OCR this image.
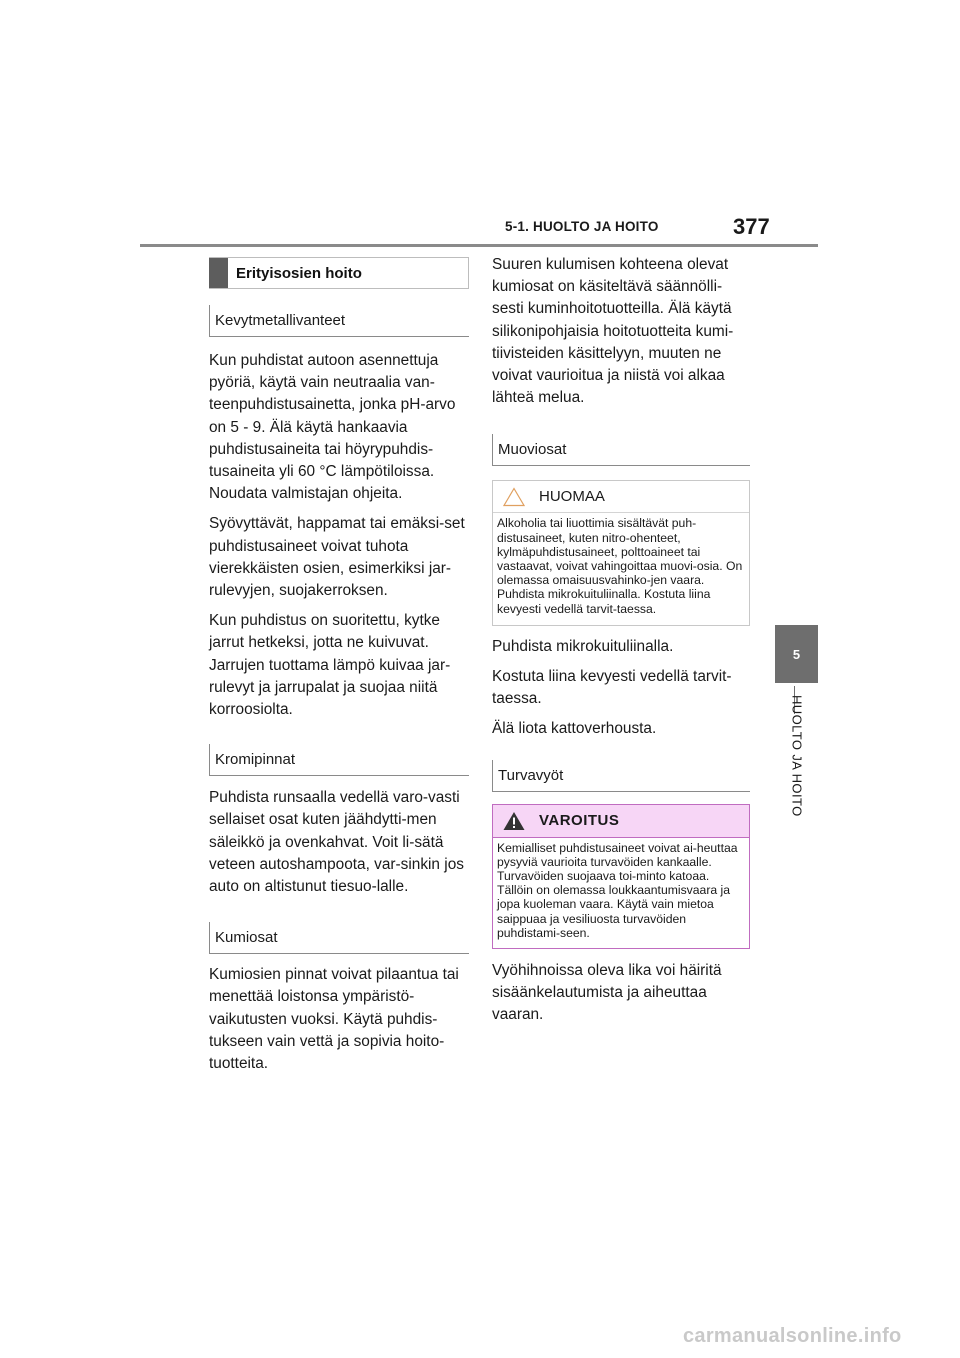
5-1. HUOLTO JA HOITO	377
5
HUOLTO JA HOITO
Erityisosien hoito
Kevytmetallivanteet

Kun puhdistat autoon asennettuja pyöriä, käytä vain neutraalia van-teenpuhdistusainetta, jonka pH-arvo on 5 - 9. Älä käytä hankaavia puhdistusaineita tai höyrypuhdis-tusaineita yli 60 °C lämpötiloissa. Noudata valmistajan ohjeita.

Syövyttävät, happamat tai emäksi-set puhdistusaineet voivat tuhota vierekkäisten osien, esimerkiksi jar-rulevyjen, suojakerroksen.

Kun puhdistus on suoritettu, kytke jarrut hetkeksi, jotta ne kuivuvat. Jarrujen tuottama lämpö kuivaa jar-rulevyt ja jarrupalat ja suojaa niitä korroosiolta.

Kromipinnat

Puhdista runsaalla vedellä varo-vasti sellaiset osat kuten jäähdytti-men säleikkö ja ovenkahvat. Voit li-sätä veteen autoshampoota, var-sinkin jos auto on altistunut tiesuo-lalle.

Kumiosat

Kumiosien pinnat voivat pilaantua tai menettää loistonsa ympäristö-vaikutusten vuoksi. Käytä puhdis-tukseen vain vettä ja sopivia hoito-tuotteita.

Suuren kulumisen kohteena olevat kumiosat on käsiteltävä säännölli-sesti kuminhoitotuotteilla. Älä käytä silikonipohjaisia hoitotuotteita kumi-tiivisteiden käsittelyyn, muuten ne voivat vaurioitua ja niistä voi alkaa lähteä melua.

Muoviosat
HUOMAA
Alkoholia tai liuottimia sisältävät puh-distusaineet, kuten nitro-ohenteet, kylmäpuhdistusaineet, polttoaineet tai vastaavat, voivat vahingoittaa muovi-osia. On olemassa omaisuusvahinko-jen vaara. Puhdista mikrokuituliinalla. Kostuta liina kevyesti vedellä tarvit-taessa.

Puhdista mikrokuituliinalla.

Kostuta liina kevyesti vedellä tarvit-taessa.

Älä liota kattoverhousta.

Turvavyöt
VAROITUS
Kemialliset puhdistusaineet voivat ai-heuttaa pysyviä vaurioita turvavöiden kankaalle. Turvavöiden suojaava toi-minto katoaa. Tällöin on olemassa loukkaantumisvaara ja jopa kuoleman vaara. Käytä vain mietoa saippuaa ja vesiliuosta turvavöiden puhdistami-seen.

Vyöhihnoissa oleva lika voi häiritä sisäänkelautumista ja aiheuttaa vaaran.

carmanualsonline.info
